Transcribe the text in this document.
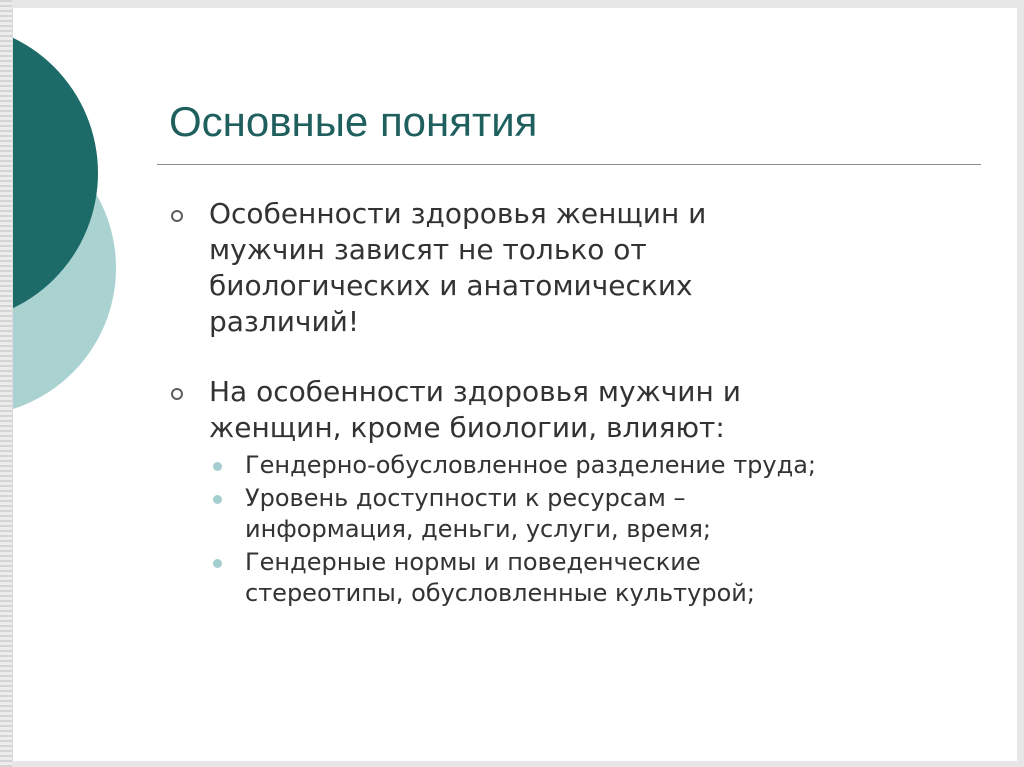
Основные понятия
Особенности здоровья женщин и
мужчин зависят не только от
биологических и анатомических
различий!
На особенности здоровья мужчин и
женщин, кроме биологии, влияют:
Гендерно-обусловленное разделение труда;
Уровень доступности к ресурсам –
информация, деньги, услуги, время;
Гендерные нормы и поведенческие
стереотипы, обусловленные культурой;
